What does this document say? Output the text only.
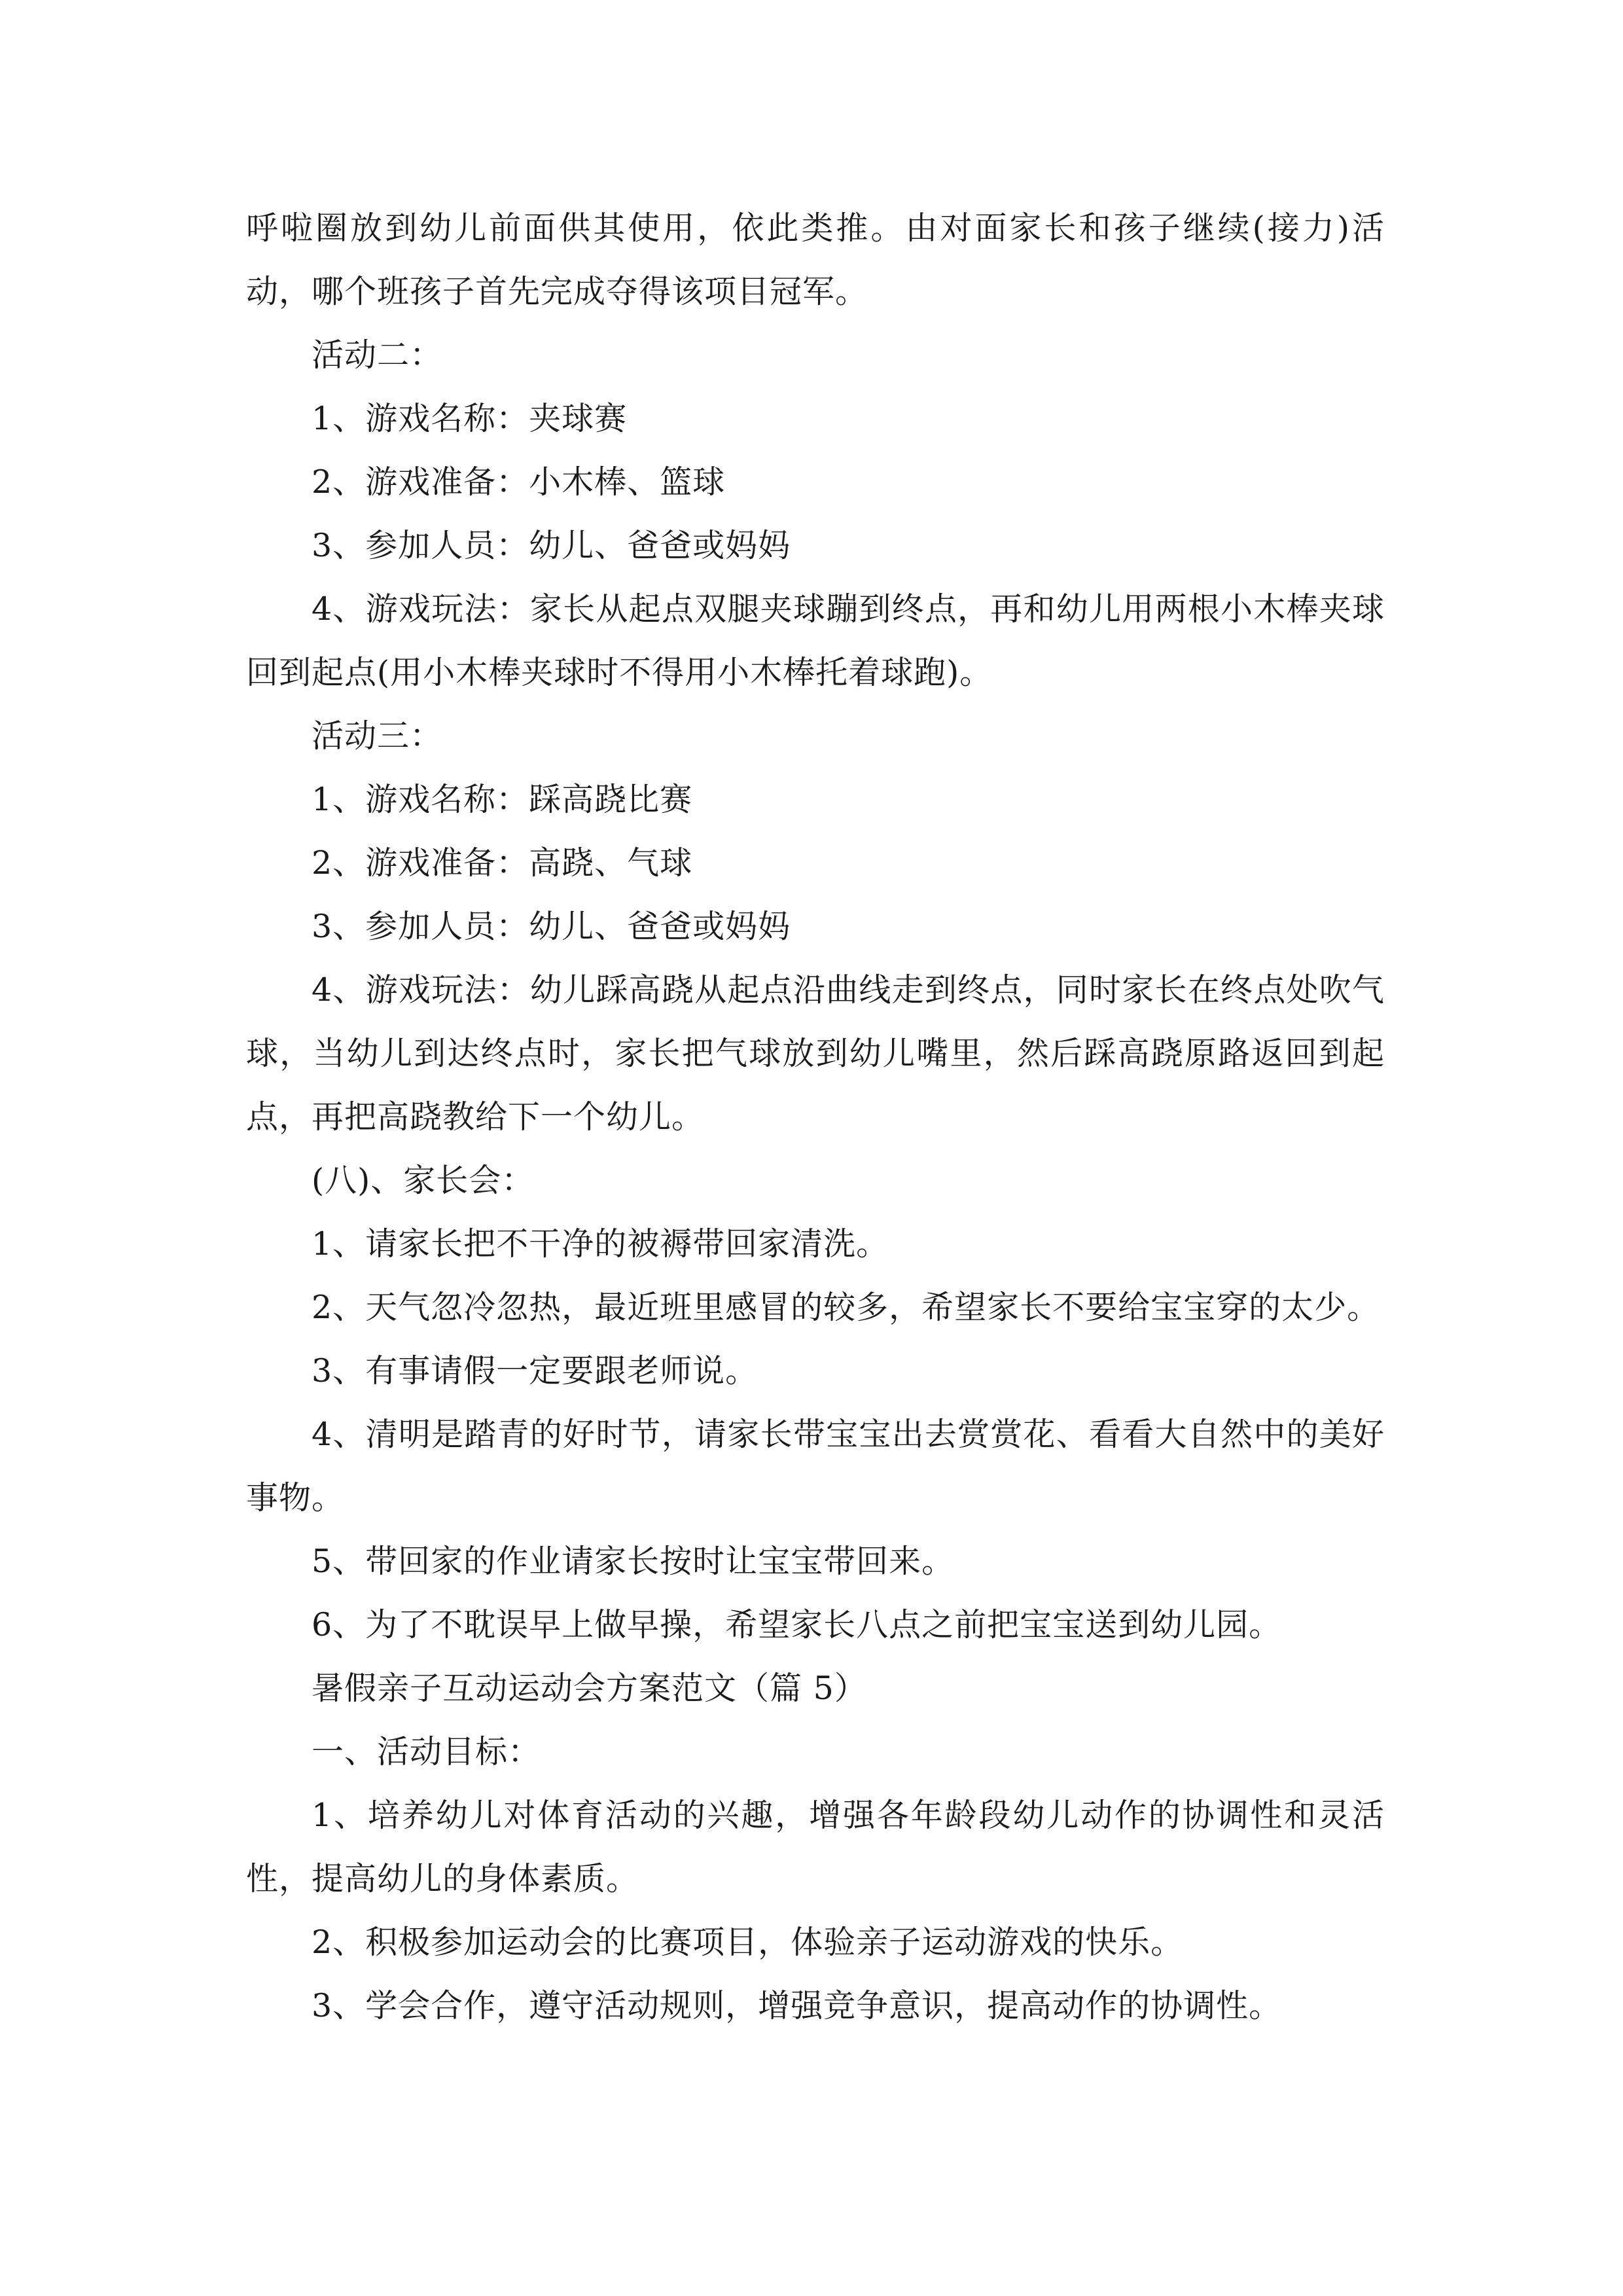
呼啦圈放到幼儿前面供其使用，依此类推。由对面家长和孩子继续(接力)活动，哪个班孩子首先完成夺得该项目冠军。

活动二：

1、游戏名称：夹球赛

2、游戏准备：小木棒、篮球

3、参加人员：幼儿、爸爸或妈妈

4、游戏玩法：家长从起点双腿夹球蹦到终点，再和幼儿用两根小木棒夹球回到起点(用小木棒夹球时不得用小木棒托着球跑)。

活动三：

1、游戏名称：踩高跷比赛

2、游戏准备：高跷、气球

3、参加人员：幼儿、爸爸或妈妈

4、游戏玩法：幼儿踩高跷从起点沿曲线走到终点，同时家长在终点处吹气球，当幼儿到达终点时，家长把气球放到幼儿嘴里，然后踩高跷原路返回到起点，再把高跷教给下一个幼儿。

(八)、家长会：

1、请家长把不干净的被褥带回家清洗。

2、天气忽冷忽热，最近班里感冒的较多，希望家长不要给宝宝穿的太少。

3、有事请假一定要跟老师说。

4、清明是踏青的好时节，请家长带宝宝出去赏赏花、看看大自然中的美好事物。

5、带回家的作业请家长按时让宝宝带回来。

6、为了不耽误早上做早操，希望家长八点之前把宝宝送到幼儿园。

暑假亲子互动运动会方案范文（篇 5）

一、活动目标：

1、培养幼儿对体育活动的兴趣，增强各年龄段幼儿动作的协调性和灵活性，提高幼儿的身体素质。

2、积极参加运动会的比赛项目，体验亲子运动游戏的快乐。

3、学会合作，遵守活动规则，增强竞争意识，提高动作的协调性。
